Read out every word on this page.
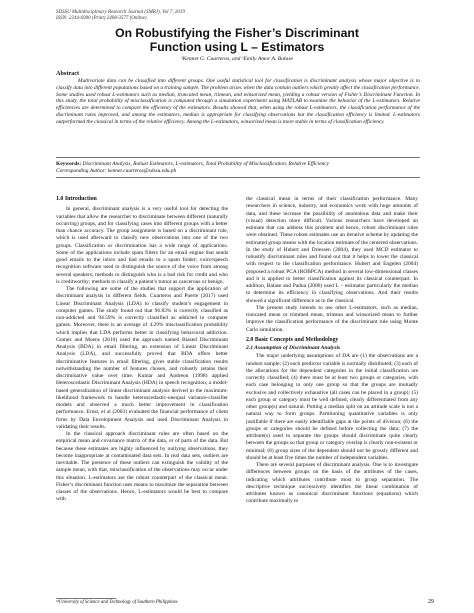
SDSSU Multidisciplinary Research Journal (SMRJ), Vol 7, 2019
ISSN: 2244-6990 (Print) 2408-3577 (Online)
On Robustifying the Fisher’s Discriminant
Function using L – Estimators
¹Kennet G. Cuarteros, and ²Emily Amor A. Balase
Abstract
Multivariate data can be classified into different groups. One useful statistical tool for classification is discriminant analysis whose major objective is to classify data into different populations based on a training sample. The problem arises when the data contain outliers which greatly affect the classification performance. Some studies used robust L-estimators such as median, truncated mean, trimean, and winsorized mean, yielding a robust version of Fisher’s Discriminant Function. In this study, the total probability of misclassification is computed through a simulation experiment using MATLAB to examine the behavior of the L-estimators. Relative efficiencies are determined to compare the efficiency of the estimators. Results showed that, when using the robust L-estimators, the classification performance of the discriminant rules improved, and among the estimators, median is appropriate for classifying observations but the classification efficiency is limited. L-estimators outperformed the classical in terms of the relative efficiency. Among the L-estimators, winsorized mean is more stable in terms of classification efficiency.
Keywords: Discriminant Analysis, Robust Estimators, L-estimators, Total Probability of Misclassification, Relative Efficiency
Corresponding Author: kennet.cuarteros@sdssu.edu.ph
1.0 Introduction

In general, discriminant analysis is a very useful tool for detecting the variables that allow the researcher to discriminate between different (naturally occurring) groups, and for classifying cases into different groups with a better than chance accuracy. The group assignment is based on a discriminant rule, which is used afterward to classify new observations into one of the two groups. Classification or discrimination has a wide range of applications. Some of the applications include spam filters for an email engine that sends good emails to the inbox and bad emails to a spam folder; voice/speech recognition software used to distinguish the source of the voice from among several speakers; methods to distinguish who is a bad risk for credit and who is creditworthy; methods to classify a patient’s tumor as cancerous or benign.

The following are some of the studies that support the application of discriminant analysis in different fields. Cuarteros and Puerte (2017) used Linear Discriminant Analysis (LDA) to classify student’s engagement in computer games. The study found out that 96.83% is correctly classified as non-addicted and 94.59% is correctly classified as addicted to computer games. Moreover, there is an average of 4.29% misclassification probability which implies that LDA performs better in classifying behavioral addiction. Gomez and Moens (2010) used the approach named Biased Discriminant Analysis (BDA) in email filtering, an extension of Linear Discriminant Analysis (LDA), and successfully proved that BDA offers better discriminative features in email filtering, gives stable classification results notwithstanding the number of features chosen, and robustly retains their discriminative value over time. Kumar and Andreou (1998) applied Heteroscedastic Discriminant Analysis (HDA) in speech recognition, a model-based generalization of linear discriminant analysis derived in the maximum-likelihood framework to handle heteroscedastic-unequal variance-classifier models and observed a much better improvement in classification performance. Ernst, el al (2003) evaluated the financial performance of client firms by Data Envelopment Analysis and used Discriminant Analysis in validating their results.

In the classical approach discriminant rules are often based on the empirical mean and covariance matrix of the data, or of parts of the data. But because these estimates are highly influenced by outlying observations, they become inappropriate at contaminated data sets. In real data sets, outliers are inevitable. The presence of these outliers can extinguish the validity of the sample mean, with that, misclassification of the observations may occur under this situation. L-estimators are the robust counterpart of the classical mean. Fisher’s discriminant function uses means to maximize the separation between classes of the observations. Hence, L-estimators would be best to compare with

the classical mean in terms of their classification performance. Many researchers in science, industry, and economics work with huge amounts of data, and these increase the possibility of anomalous data and make their (visual) detection more difficult. Various researchers have developed an estimate that can address this problem and hence, robust discriminant rules were obtained. These robust estimates use an iterative scheme by updating the estimated group means with the location estimate of the centered observations. In the study of Hubert and Driessen (2004), they used MCD estimator to robustify discriminant rules and found out that it helps to lower the classical with respect to the classification performance. Hubert and Engelen (2004) proposed a robust PCA (ROBPCA) method in several low-dimensional classes and it is applied to better classification against its classical counterpart. In addition, Balase and Padua (2006) used L – estimator particularly the median to determine its efficiency in classifying observations. And their results showed a significant difference as to the classical.

The present study intends to use other L-estimators, such as median, truncated mean or trimmed mean, trimean and winsorized mean to further improve the classification performance of the discriminant rule using Monte Carlo simulation.

2.0 Basic Concepts and Methodology
2.1 Assumption of Discriminant Analysis

The major underlying assumptions of DA are (1) the observations are a random sample; (2) each predictor variable is normally distributed; (3) each of the allocations for the dependent categories in the initial classification are correctly classified; (4) there must be at least two groups or categories, with each case belonging to only one group so that the groups are mutually exclusive and collectively exhaustive (all cases can be placed in a group); (5) each group or category must be well defined, clearly differentiated from any other group(s) and natural. Putting a median split on an attitude scale is not a natural way to form groups. Partitioning quantitative variables is only justifiable if there are easily identifiable gaps at the points of division; (6) the groups or categories should be defined before collecting the data; (7) the attribute(s) used to separate the groups should discriminate quite clearly between the groups so that group or category overlap is clearly non-existent or minimal; (8) group sizes of the dependent should not be grossly different and should be at least five times the number of independent variables.

There are several purposes of discriminant analysis. One is to investigate differences between groups on the basis of the attributes of the cases, indicating which attributes contribute most to group separation. The descriptive technique successively identifies the linear combination of attributes known as canonical discriminant functions (equations) which contribute maximally to

¹²University of Science and Technology of Southern Philippines	29
